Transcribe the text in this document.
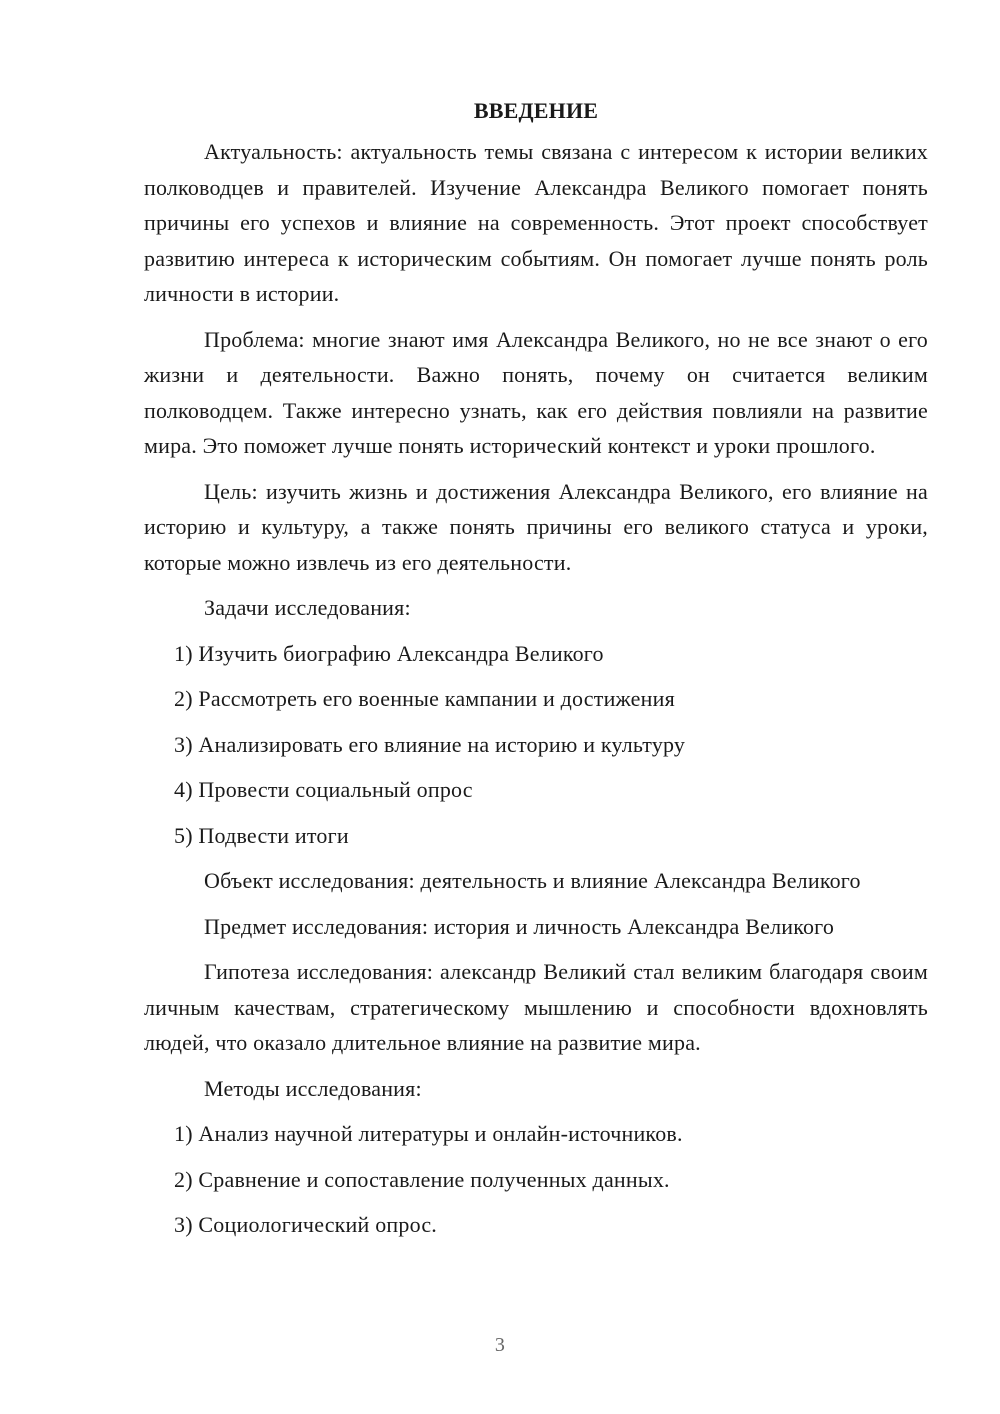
ВВЕДЕНИЕ

Актуальность: актуальность темы связана с интересом к истории великих полководцев и правителей. Изучение Александра Великого помогает понять причины его успехов и влияние на современность. Этот проект способствует развитию интереса к историческим событиям. Он помогает лучше понять роль личности в истории.

Проблема: многие знают имя Александра Великого, но не все знают о его жизни и деятельности. Важно понять, почему он считается великим полководцем. Также интересно узнать, как его действия повлияли на развитие мира. Это поможет лучше понять исторический контекст и уроки прошлого.

Цель: изучить жизнь и достижения Александра Великого, его влияние на историю и культуру, а также понять причины его великого статуса и уроки, которые можно извлечь из его деятельности.

Задачи исследования:
1) Изучить биографию Александра Великого
2) Рассмотреть его военные кампании и достижения
3) Анализировать его влияние на историю и культуру
4) Провести социальный опрос
5) Подвести итоги
Объект исследования: деятельность и влияние Александра Великого
Предмет исследования: история и личность Александра Великого

Гипотеза исследования: александр Великий стал великим благодаря своим личным качествам, стратегическому мышлению и способности вдохновлять людей, что оказало длительное влияние на развитие мира.

Методы исследования:
1) Анализ научной литературы и онлайн-источников.
2) Сравнение и сопоставление полученных данных.
3) Социологический опрос.
3
